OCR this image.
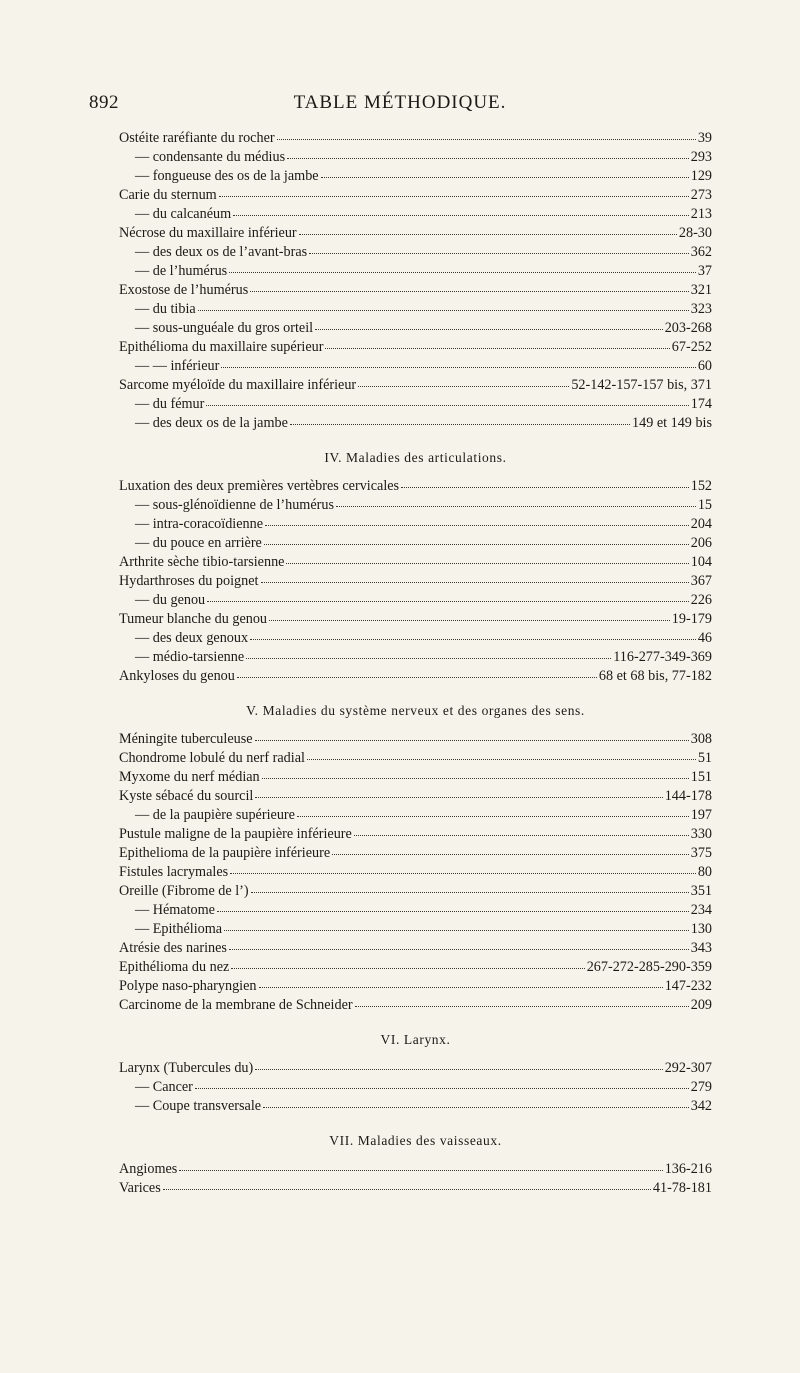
892	TABLE MÉTHODIQUE.
Ostéite raréfiante du rocher	39
— condensante du médius	293
— fongueuse des os de la jambe	129
Carie du sternum	273
— du calcanéum	213
Nécrose du maxillaire inférieur	28-30
— des deux os de l’avant-bras	362
— de l’humérus	37
Exostose de l’humérus	321
— du tibia	323
— sous-unguéale du gros orteil	203-268
Epithélioma du maxillaire supérieur	67-252
— — inférieur	60
Sarcome myéloïde du maxillaire inférieur	52-142-157-157 bis, 371
— du fémur	174
— des deux os de la jambe	149 et 149 bis
IV. Maladies des articulations.
Luxation des deux premières vertèbres cervicales	152
— sous-glénoïdienne de l’humérus	15
— intra-coracoïdienne	204
— du pouce en arrière	206
Arthrite sèche tibio-tarsienne	104
Hydarthroses du poignet	367
— du genou	226
Tumeur blanche du genou	19-179
— des deux genoux	46
— médio-tarsienne	116-277-349-369
Ankyloses du genou	68 et 68 bis, 77-182
V. Maladies du système nerveux et des organes des sens.
Méningite tuberculeuse	308
Chondrome lobulé du nerf radial	51
Myxome du nerf médian	151
Kyste sébacé du sourcil	144-178
— de la paupière supérieure	197
Pustule maligne de la paupière inférieure	330
Epithelioma de la paupière inférieure	375
Fistules lacrymales	80
Oreille (Fibrome de l’)	351
— Hématome	234
— Epithélioma	130
Atrésie des narines	343
Epithélioma du nez	267-272-285-290-359
Polype naso-pharyngien	147-232
Carcinome de la membrane de Schneider	209
VI. Larynx.
Larynx (Tubercules du)	292-307
— Cancer	279
— Coupe transversale	342
VII. Maladies des vaisseaux.
Angiomes	136-216
Varices	41-78-181
